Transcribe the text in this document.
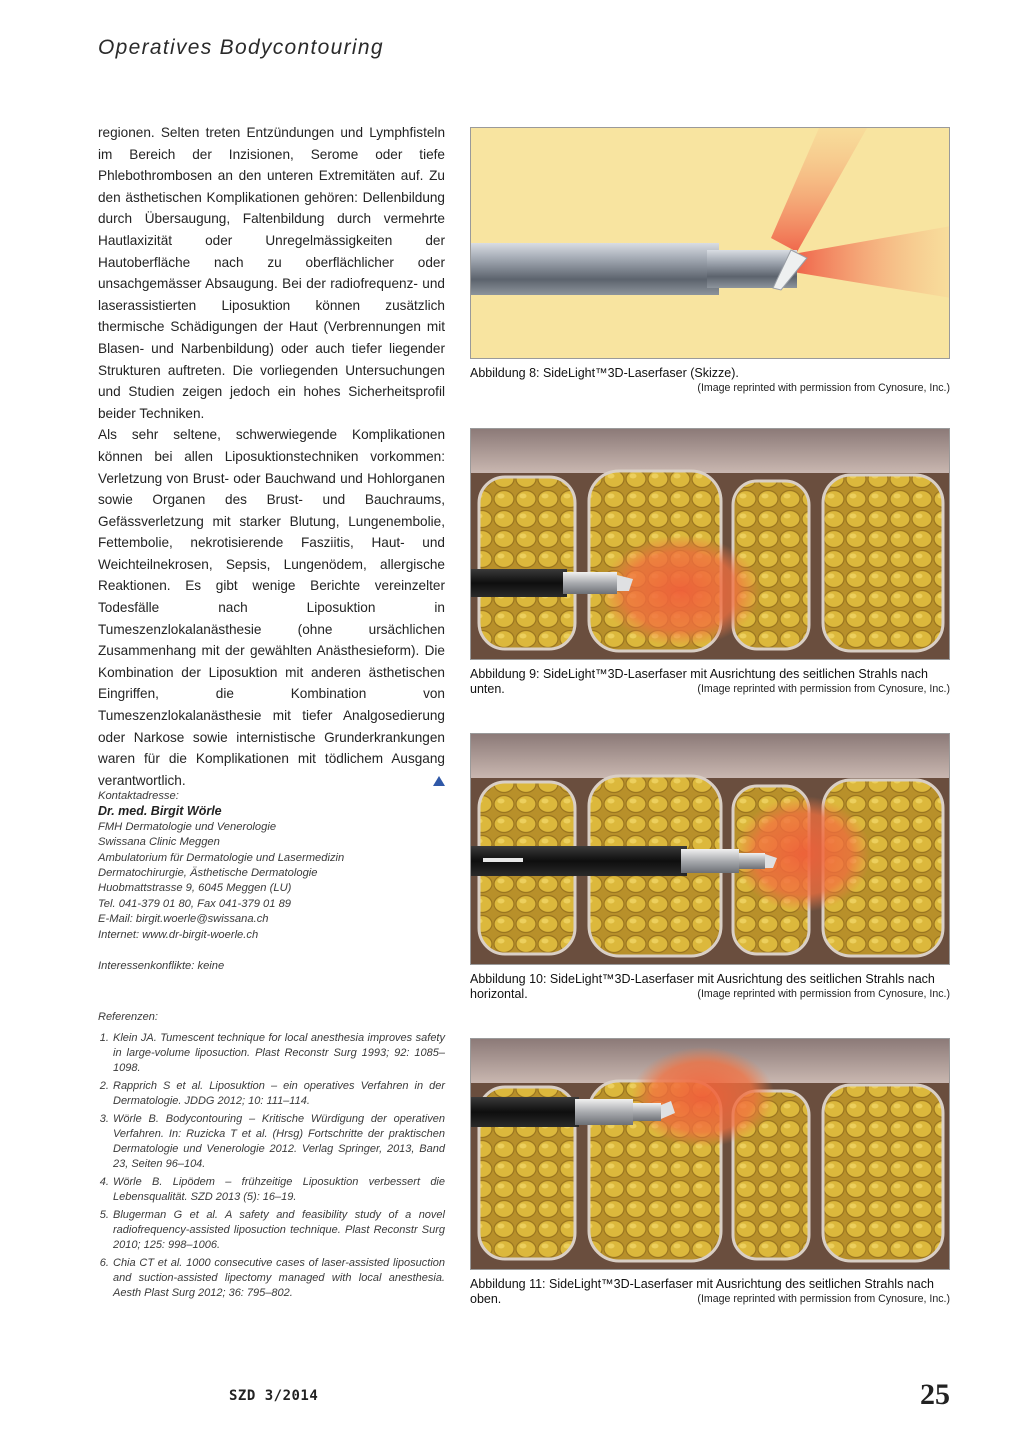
Operatives Bodycontouring

regionen. Selten treten Entzündungen und Lymphfisteln im Bereich der Inzisionen, Serome oder tiefe Phlebothrombosen an den unteren Extremitäten auf. Zu den ästhetischen Komplikationen gehören: Dellenbildung durch Übersaugung, Faltenbildung durch vermehrte Hautlaxizität oder Unregelmässigkeiten der Hautoberfläche nach zu oberflächlicher oder unsachgemässer Absaugung. Bei der radiofrequenz- und laserassistierten Liposuktion können zusätzlich thermische Schädigungen der Haut (Verbrennungen mit Blasen- und Narbenbildung) oder auch tiefer liegender Strukturen auftreten. Die vorliegenden Untersuchungen und Studien zeigen jedoch ein hohes Sicherheitsprofil beider Techniken.

Als sehr seltene, schwerwiegende Komplikationen können bei allen Liposuktionstechniken vorkommen: Verletzung von Brust- oder Bauchwand und Hohlorganen sowie Organen des Brust- und Bauchraums, Gefässverletzung mit starker Blutung, Lungenembolie, Fettembolie, nekrotisierende Fasziitis, Haut- und Weichteilnekrosen, Sepsis, Lungenödem, allergische Reaktionen. Es gibt wenige Berichte vereinzelter Todesfälle nach Liposuktion in Tumeszenzlokalanästhesie (ohne ursächlichen Zusammenhang mit der gewählten Anästhesieform). Die Kombination der Liposuktion mit anderen ästhetischen Eingriffen, die Kombination von Tumeszenzlokalanästhesie mit tiefer Analgosedierung oder Narkose sowie internistische Grunderkrankungen waren für die Komplikationen mit tödlichem Ausgang verantwortlich.

Kontaktadresse:
Dr. med. Birgit Wörle
FMH Dermatologie und Venerologie
Swissana Clinic Meggen
Ambulatorium für Dermatologie und Lasermedizin
Dermatochirurgie, Ästhetische Dermatologie
Huobmattstrasse 9, 6045 Meggen (LU)
Tel. 041-379 01 80, Fax 041-379 01 89
E-Mail: birgit.woerle@swissana.ch
Internet: www.dr-birgit-woerle.ch
Interessenkonflikte: keine
Referenzen:
1. Klein JA. Tumescent technique for local anesthesia improves safety in large-volume liposuction. Plast Reconstr Surg 1993; 92: 1085–1098.
2. Rapprich S et al. Liposuktion – ein operatives Verfahren in der Dermatologie. JDDG 2012; 10: 111–114.
3. Wörle B. Bodycontouring – Kritische Würdigung der operativen Verfahren. In: Ruzicka T et al. (Hrsg) Fortschritte der praktischen Dermatologie und Venerologie 2012. Verlag Springer, 2013, Band 23, Seiten 96–104.
4. Wörle B. Lipödem – frühzeitige Liposuktion verbessert die Lebensqualität. SZD 2013 (5): 16–19.
5. Blugerman G et al. A safety and feasibility study of a novel radiofrequency-assisted liposuction technique. Plast Reconstr Surg 2010; 125: 998–1006.
6. Chia CT et al. 1000 consecutive cases of laser-assisted liposuction and suction-assisted lipectomy managed with local anesthesia. Aesth Plast Surg 2012; 36: 795–802.
Abbildung 8: SideLight™3D-Laserfaser (Skizze).
(Image reprinted with permission from Cynosure, Inc.)
Abbildung 9: SideLight™3D-Laserfaser mit Ausrichtung des seitlichen Strahls nach unten.	(Image reprinted with permission from Cynosure, Inc.)
Abbildung 10: SideLight™3D-Laserfaser mit Ausrichtung des seitlichen Strahls nach horizontal.	(Image reprinted with permission from Cynosure, Inc.)
Abbildung 11: SideLight™3D-Laserfaser mit Ausrichtung des seitlichen Strahls nach oben.	(Image reprinted with permission from Cynosure, Inc.)
SZD 3/2014	25
